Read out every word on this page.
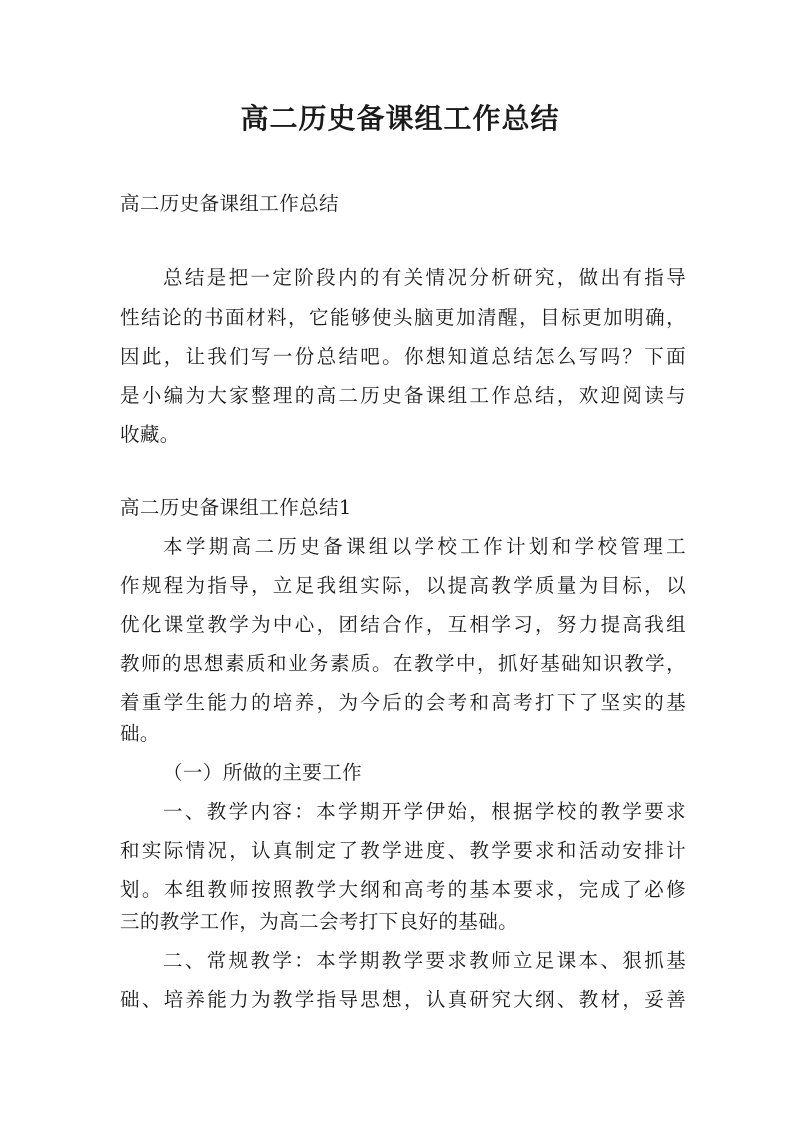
高二历史备课组工作总结
高二历史备课组工作总结
总结是把一定阶段内的有关情况分析研究，做出有指导
性结论的书面材料，它能够使头脑更加清醒，目标更加明确，
因此，让我们写一份总结吧。你想知道总结怎么写吗？下面
是小编为大家整理的高二历史备课组工作总结，欢迎阅读与
收藏。
高二历史备课组工作总结1
本学期高二历史备课组以学校工作计划和学校管理工
作规程为指导，立足我组实际，以提高教学质量为目标，以
优化课堂教学为中心，团结合作，互相学习，努力提高我组
教师的思想素质和业务素质。在教学中，抓好基础知识教学，
着重学生能力的培养，为今后的会考和高考打下了坚实的基
础。
（一）所做的主要工作
一、教学内容：本学期开学伊始，根据学校的教学要求
和实际情况，认真制定了教学进度、教学要求和活动安排计
划。本组教师按照教学大纲和高考的基本要求，完成了必修
三的教学工作，为高二会考打下良好的基础。
二、常规教学：本学期教学要求教师立足课本、狠抓基
础、培养能力为教学指导思想，认真研究大纲、教材，妥善
